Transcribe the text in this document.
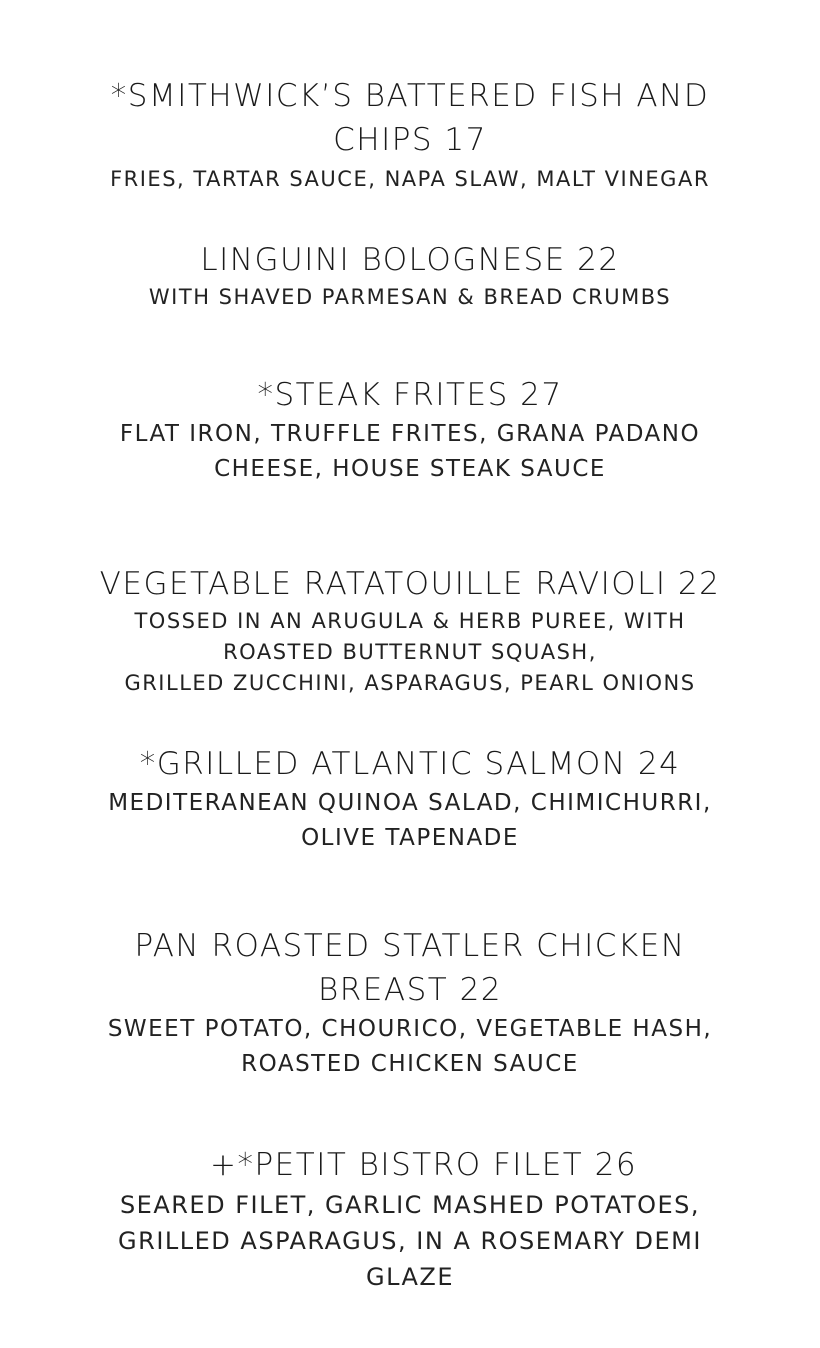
*SMITHWICK’S BATTERED FISH AND
CHIPS 17
FRIES, TARTAR SAUCE, NAPA SLAW, MALT VINEGAR
LINGUINI BOLOGNESE 22
WITH SHAVED PARMESAN & BREAD CRUMBS
*STEAK FRITES 27
FLAT IRON, TRUFFLE FRITES, GRANA PADANO
CHEESE, HOUSE STEAK SAUCE
VEGETABLE RATATOUILLE RAVIOLI 22
TOSSED IN AN ARUGULA & HERB PUREE, WITH
ROASTED BUTTERNUT SQUASH,
GRILLED ZUCCHINI, ASPARAGUS, PEARL ONIONS
*GRILLED ATLANTIC SALMON 24
MEDITERANEAN QUINOA SALAD, CHIMICHURRI,
OLIVE TAPENADE
PAN ROASTED STATLER CHICKEN
BREAST 22
SWEET POTATO, CHOURICO, VEGETABLE HASH,
ROASTED CHICKEN SAUCE
+*PETIT BISTRO FILET 26
SEARED FILET, GARLIC MASHED POTATOES,
GRILLED ASPARAGUS, IN A ROSEMARY DEMI
GLAZE
